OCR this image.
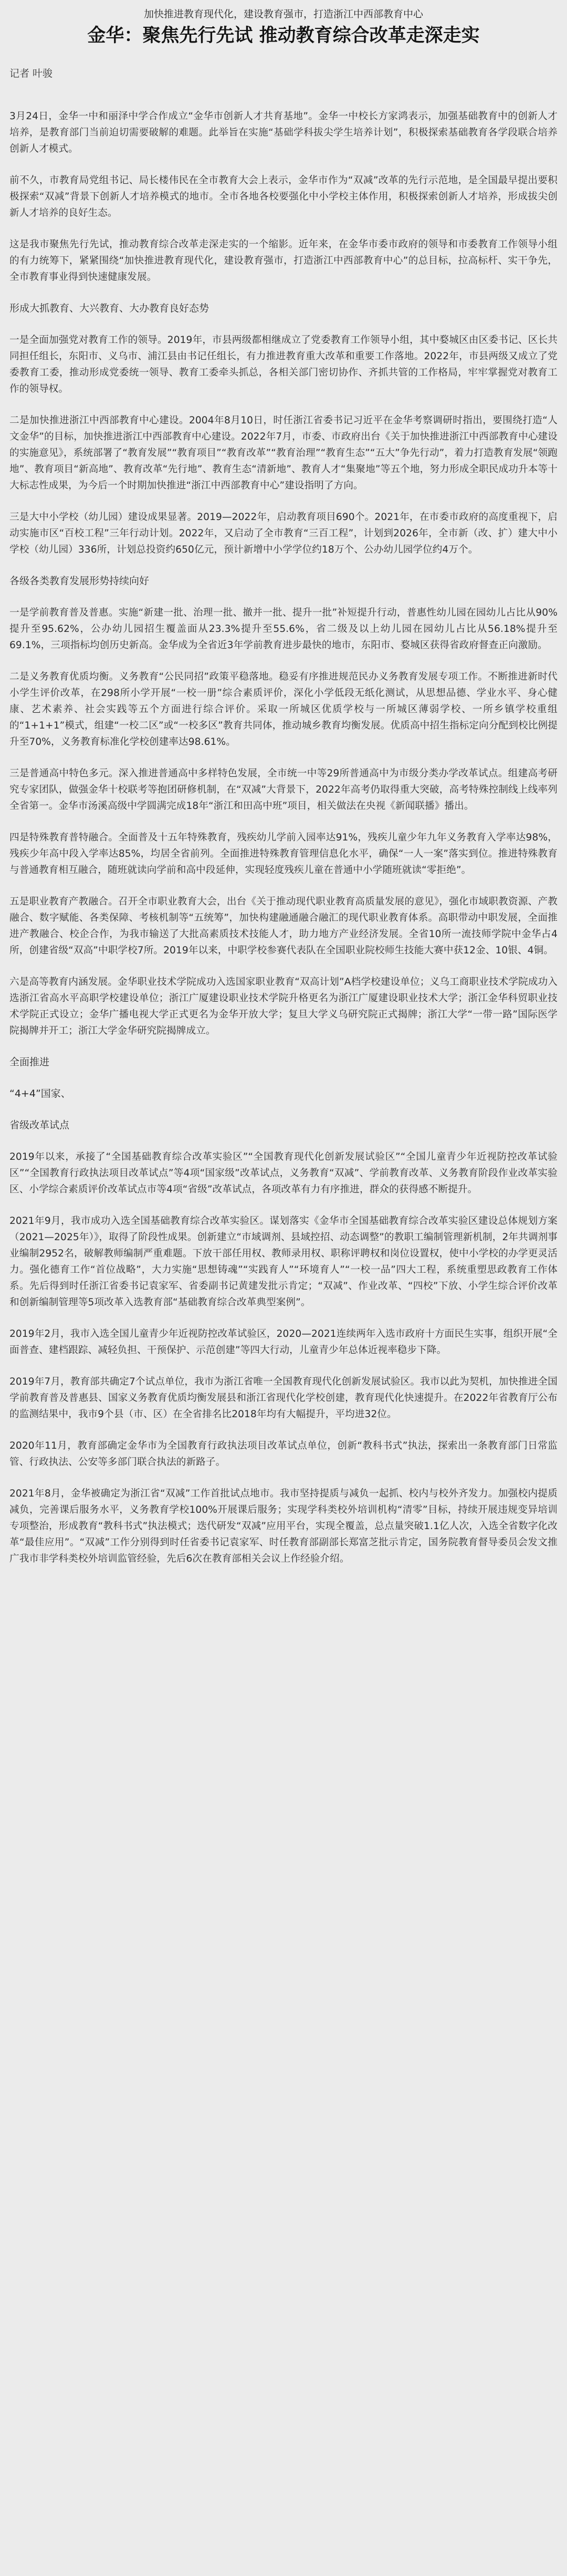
加快推进教育现代化，建设教育强市，打造浙江中西部教育中心
金华：聚焦先行先试 推动教育综合改革走深走实
记者 叶骏
3月24日，金华一中和丽泽中学合作成立“金华市创新人才共育基地”。金华一中校长方家鸿表示，加强基础教育中的创新人才培养，是教育部门当前迫切需要破解的难题。此举旨在实施“基础学科拔尖学生培养计划”，积极探索基础教育各学段联合培养创新人才模式。
前不久，市教育局党组书记、局长楼伟民在全市教育大会上表示，金华市作为“双减”改革的先行示范地，是全国最早提出要积极探索“双减”背景下创新人才培养模式的地市。全市各地各校要强化中小学校主体作用，积极探索创新人才培养，形成拔尖创新人才培养的良好生态。
这是我市聚焦先行先试，推动教育综合改革走深走实的一个缩影。近年来，在金华市委市政府的领导和市委教育工作领导小组的有力统筹下，紧紧围绕“加快推进教育现代化，建设教育强市，打造浙江中西部教育中心”的总目标，拉高标杆、实干争先，全市教育事业得到快速健康发展。
形成大抓教育、大兴教育、大办教育良好态势
一是全面加强党对教育工作的领导。2019年，市县两级都相继成立了党委教育工作领导小组，其中婺城区由区委书记、区长共同担任组长，东阳市、义乌市、浦江县由书记任组长，有力推进教育重大改革和重要工作落地。2022年，市县两级又成立了党委教育工委，推动形成党委统一领导、教育工委牵头抓总，各相关部门密切协作、齐抓共管的工作格局，牢牢掌握党对教育工作的领导权。
二是加快推进浙江中西部教育中心建设。2004年8月10日，时任浙江省委书记习近平在金华考察调研时指出，要围绕打造“人文金华”的目标，加快推进浙江中西部教育中心建设。2022年7月，市委、市政府出台《关于加快推进浙江中西部教育中心建设的实施意见》，系统部署了“教育发展”“教育项目”“教育改革”“教育治理”“教育生态”“五大”争先行动”，着力打造教育发展“领跑地”、教育项目“新高地”、教育改革“先行地”、教育生态“清新地”、教育人才“集聚地”等五个地，努力形成全职民成功升本等十大标志性成果，为今后一个时期加快推进“浙江中西部教育中心”建设指明了方向。
三是大中小学校（幼儿园）建设成果显著。2019—2022年，启动教育项目690个。2021年，在市委市政府的高度重视下，启动实施市区“百校工程”三年行动计划。2022年，又启动了全市教育“三百工程”，计划到2026年，全市新（改、扩）建大中小学校（幼儿园）336所，计划总投资约650亿元，预计新增中小学学位约18万个、公办幼儿园学位约4万个。
各级各类教育发展形势持续向好
一是学前教育普及普惠。实施“新建一批、治理一批、撤并一批、提升一批”补短提升行动，普惠性幼儿园在园幼儿占比从90%提升至95.62%，公办幼儿园招生覆盖面从23.3%提升至55.6%，省二级及以上幼儿园在园幼儿占比从56.18%提升至69.1%，三项指标均创历史新高。金华成为全省近3年学前教育进步最快的地市，东阳市、婺城区获得省政府督查正向激励。
二是义务教育优质均衡。义务教育“公民同招”政策平稳落地。稳妥有序推进规范民办义务教育发展专项工作。不断推进新时代小学生评价改革，在298所小学开展“一校一册”综合素质评价，深化小学低段无纸化测试，从思想品德、学业水平、身心健康、艺术素养、社会实践等五个方面进行综合评价。采取一所城区优质学校与一所城区薄弱学校、一所乡镇学校重组的“1+1+1”模式，组建“一校二区”或“一校多区”教育共同体，推动城乡教育均衡发展。优质高中招生指标定向分配到校比例提升至70%，义务教育标准化学校创建率达98.61%。
三是普通高中特色多元。深入推进普通高中多样特色发展，全市统一中等29所普通高中为市级分类办学改革试点。组建高考研究专家团队，做强金华十校联考等抱团研修机制，在“双减”大背景下，2022年高考仍取得重大突破，高考特殊控制线上线率列全省第一。金华市汤溪高级中学圆满完成18年“浙江和田高中班”项目，相关做法在央视《新闻联播》播出。
四是特殊教育普特融合。全面普及十五年特殊教育，残疾幼儿学前入园率达91%，残疾儿童少年九年义务教育入学率达98%，残疾少年高中段入学率达85%，均居全省前列。全面推进特殊教育管理信息化水平，确保“一人一案”落实到位。推进特殊教育与普通教育相互融合，随班就读向学前和高中段延伸，实现轻度残疾儿童在普通中小学随班就读“零拒绝”。
五是职业教育产教融合。召开全市职业教育大会，出台《关于推动现代职业教育高质量发展的意见》，强化市域职教资源、产教融合、数字赋能、各类保障、考核机制等“五统筹”，加快构建融通融合融汇的现代职业教育体系。高职带动中职发展，全面推进产教融合、校企合作，为我市输送了大批高素质技术技能人才，助力地方产业经济发展。全省10所一流技师学院中金华占4所，创建省级“双高”中职学校7所。2019年以来，中职学校参赛代表队在全国职业院校师生技能大赛中获12金、10银、4铜。
六是高等教育内涵发展。金华职业技术学院成功入选国家职业教育“双高计划”A档学校建设单位；义乌工商职业技术学院成功入选浙江省高水平高职学校建设单位；浙江广厦建设职业技术学院升格更名为浙江广厦建设职业技术大学；浙江金华科贸职业技术学院正式设立；金华广播电视大学正式更名为金华开放大学；复旦大学义乌研究院正式揭牌；浙江大学“一带一路”国际医学院揭牌并开工；浙江大学金华研究院揭牌成立。
全面推进
“4+4”国家、
省级改革试点
2019年以来，承接了“全国基础教育综合改革实验区”“全国教育现代化创新发展试验区”“全国儿童青少年近视防控改革试验区”“全国教育行政执法项目改革试点”等4项“国家级”改革试点，义务教育“双减”、学前教育改革、义务教育阶段作业改革实验区、小学综合素质评价改革试点市等4项“省级”改革试点，各项改革有力有序推进，群众的获得感不断提升。
2021年9月，我市成功入选全国基础教育综合改革实验区。谋划落实《金华市全国基础教育综合改革实验区建设总体规划方案（2021—2025年）》，取得了阶段性成果。创新建立“市域调剂、县域控招、动态调整”的教职工编制管理新机制，2年共调剂事业编制2952名，破解教师编制严重难题。下放干部任用权、教师录用权、职称评聘权和岗位设置权，使中小学校的办学更灵活力。强化德育工作“首位战略”，大力实施“思想铸魂”“实践育人”“环境育人”“一校一品”四大工程，系统重塑思政教育工作体系。先后得到时任浙江省委书记袁家军、省委副书记黄建发批示肯定；“双减”、作业改革、“四校”下放、小学生综合评价改革和创新编制管理等5项改革入选教育部“基础教育综合改革典型案例”。
2019年2月，我市入选全国儿童青少年近视防控改革试验区，2020—2021连续两年入选市政府十方面民生实事，组织开展“全面普查、建档跟踪、减轻负担、干预保护、示范创建”等四大行动，儿童青少年总体近视率稳步下降。
2019年7月，教育部共确定7个试点单位，我市为浙江省唯一全国教育现代化创新发展试验区。我市以此为契机，加快推进全国学前教育普及普惠县、国家义务教育优质均衡发展县和浙江省现代化学校创建，教育现代化快速提升。在2022年省教育厅公布的监测结果中，我市9个县（市、区）在全省排名比2018年均有大幅提升，平均进32位。
2020年11月，教育部确定金华市为全国教育行政执法项目改革试点单位，创新“教科书式”执法，探索出一条教育部门日常监管、行政执法、公安等多部门联合执法的新路子。
2021年8月，金华被确定为浙江省“双减”工作首批试点地市。我市坚持提质与减负一起抓、校内与校外齐发力。加强校内提质减负，完善课后服务水平，义务教育学校100%开展课后服务；实现学科类校外培训机构“清零”目标，持续开展违规变异培训专项整治，形成教育“教科书式”执法模式；迭代研发“双减”应用平台，实现全覆盖，总点量突破1.1亿人次，入选全省数字化改革“最佳应用”。“双减”工作分别得到时任省委书记袁家军、时任教育部副部长郑富芝批示肯定，国务院教育督导委员会发文推广我市非学科类校外培训监管经验，先后6次在教育部相关会议上作经验介绍。
